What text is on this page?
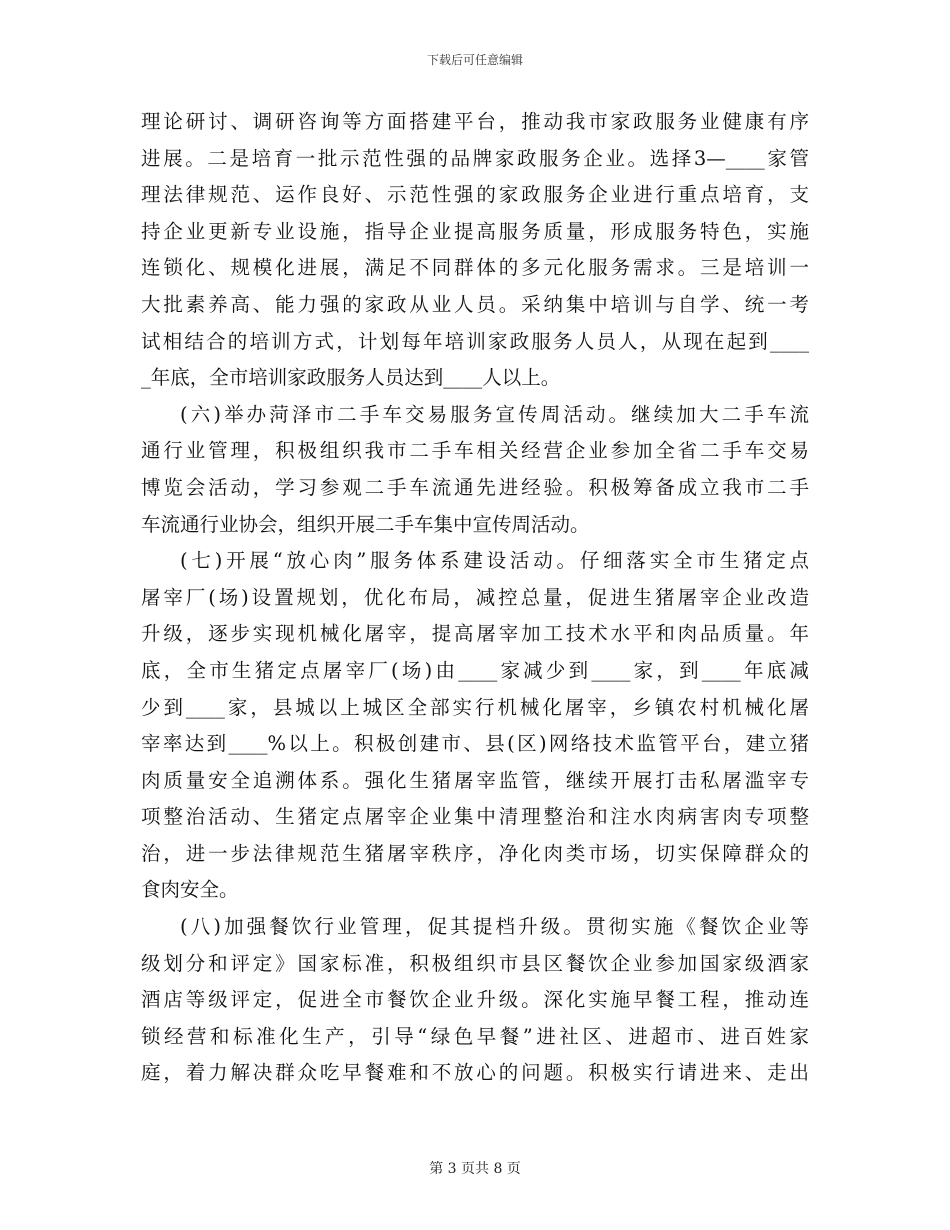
下载后可任意编辑
理论研讨、调研咨询等方面搭建平台，推动我市家政服务业健康有序
进展。二是培育一批示范性强的品牌家政服务企业。选择3—____家管
理法律规范、运作良好、示范性强的家政服务企业进行重点培育，支
持企业更新专业设施，指导企业提高服务质量，形成服务特色，实施
连锁化、规模化进展，满足不同群体的多元化服务需求。三是培训一
大批素养高、能力强的家政从业人员。采纳集中培训与自学、统一考
试相结合的培训方式，计划每年培训家政服务人员人，从现在起到____
_年底，全市培训家政服务人员达到____人以上。
(六)举办菏泽市二手车交易服务宣传周活动。继续加大二手车流
通行业管理，积极组织我市二手车相关经营企业参加全省二手车交易
博览会活动，学习参观二手车流通先进经验。积极筹备成立我市二手
车流通行业协会，组织开展二手车集中宣传周活动。
(七)开展“放心肉”服务体系建设活动。仔细落实全市生猪定点
屠宰厂(场)设置规划，优化布局，减控总量，促进生猪屠宰企业改造
升级，逐步实现机械化屠宰，提高屠宰加工技术水平和肉品质量。年
底，全市生猪定点屠宰厂(场)由____家减少到____家，到____年底减
少到____家，县城以上城区全部实行机械化屠宰，乡镇农村机械化屠
宰率达到____%以上。积极创建市、县(区)网络技术监管平台，建立猪
肉质量安全追溯体系。强化生猪屠宰监管，继续开展打击私屠滥宰专
项整治活动、生猪定点屠宰企业集中清理整治和注水肉病害肉专项整
治，进一步法律规范生猪屠宰秩序，净化肉类市场，切实保障群众的
食肉安全。
(八)加强餐饮行业管理，促其提档升级。贯彻实施《餐饮企业等
级划分和评定》国家标准，积极组织市县区餐饮企业参加国家级酒家
酒店等级评定，促进全市餐饮企业升级。深化实施早餐工程，推动连
锁经营和标准化生产，引导“绿色早餐”进社区、进超市、进百姓家
庭，着力解决群众吃早餐难和不放心的问题。积极实行请进来、走出
第 3 页共 8 页
